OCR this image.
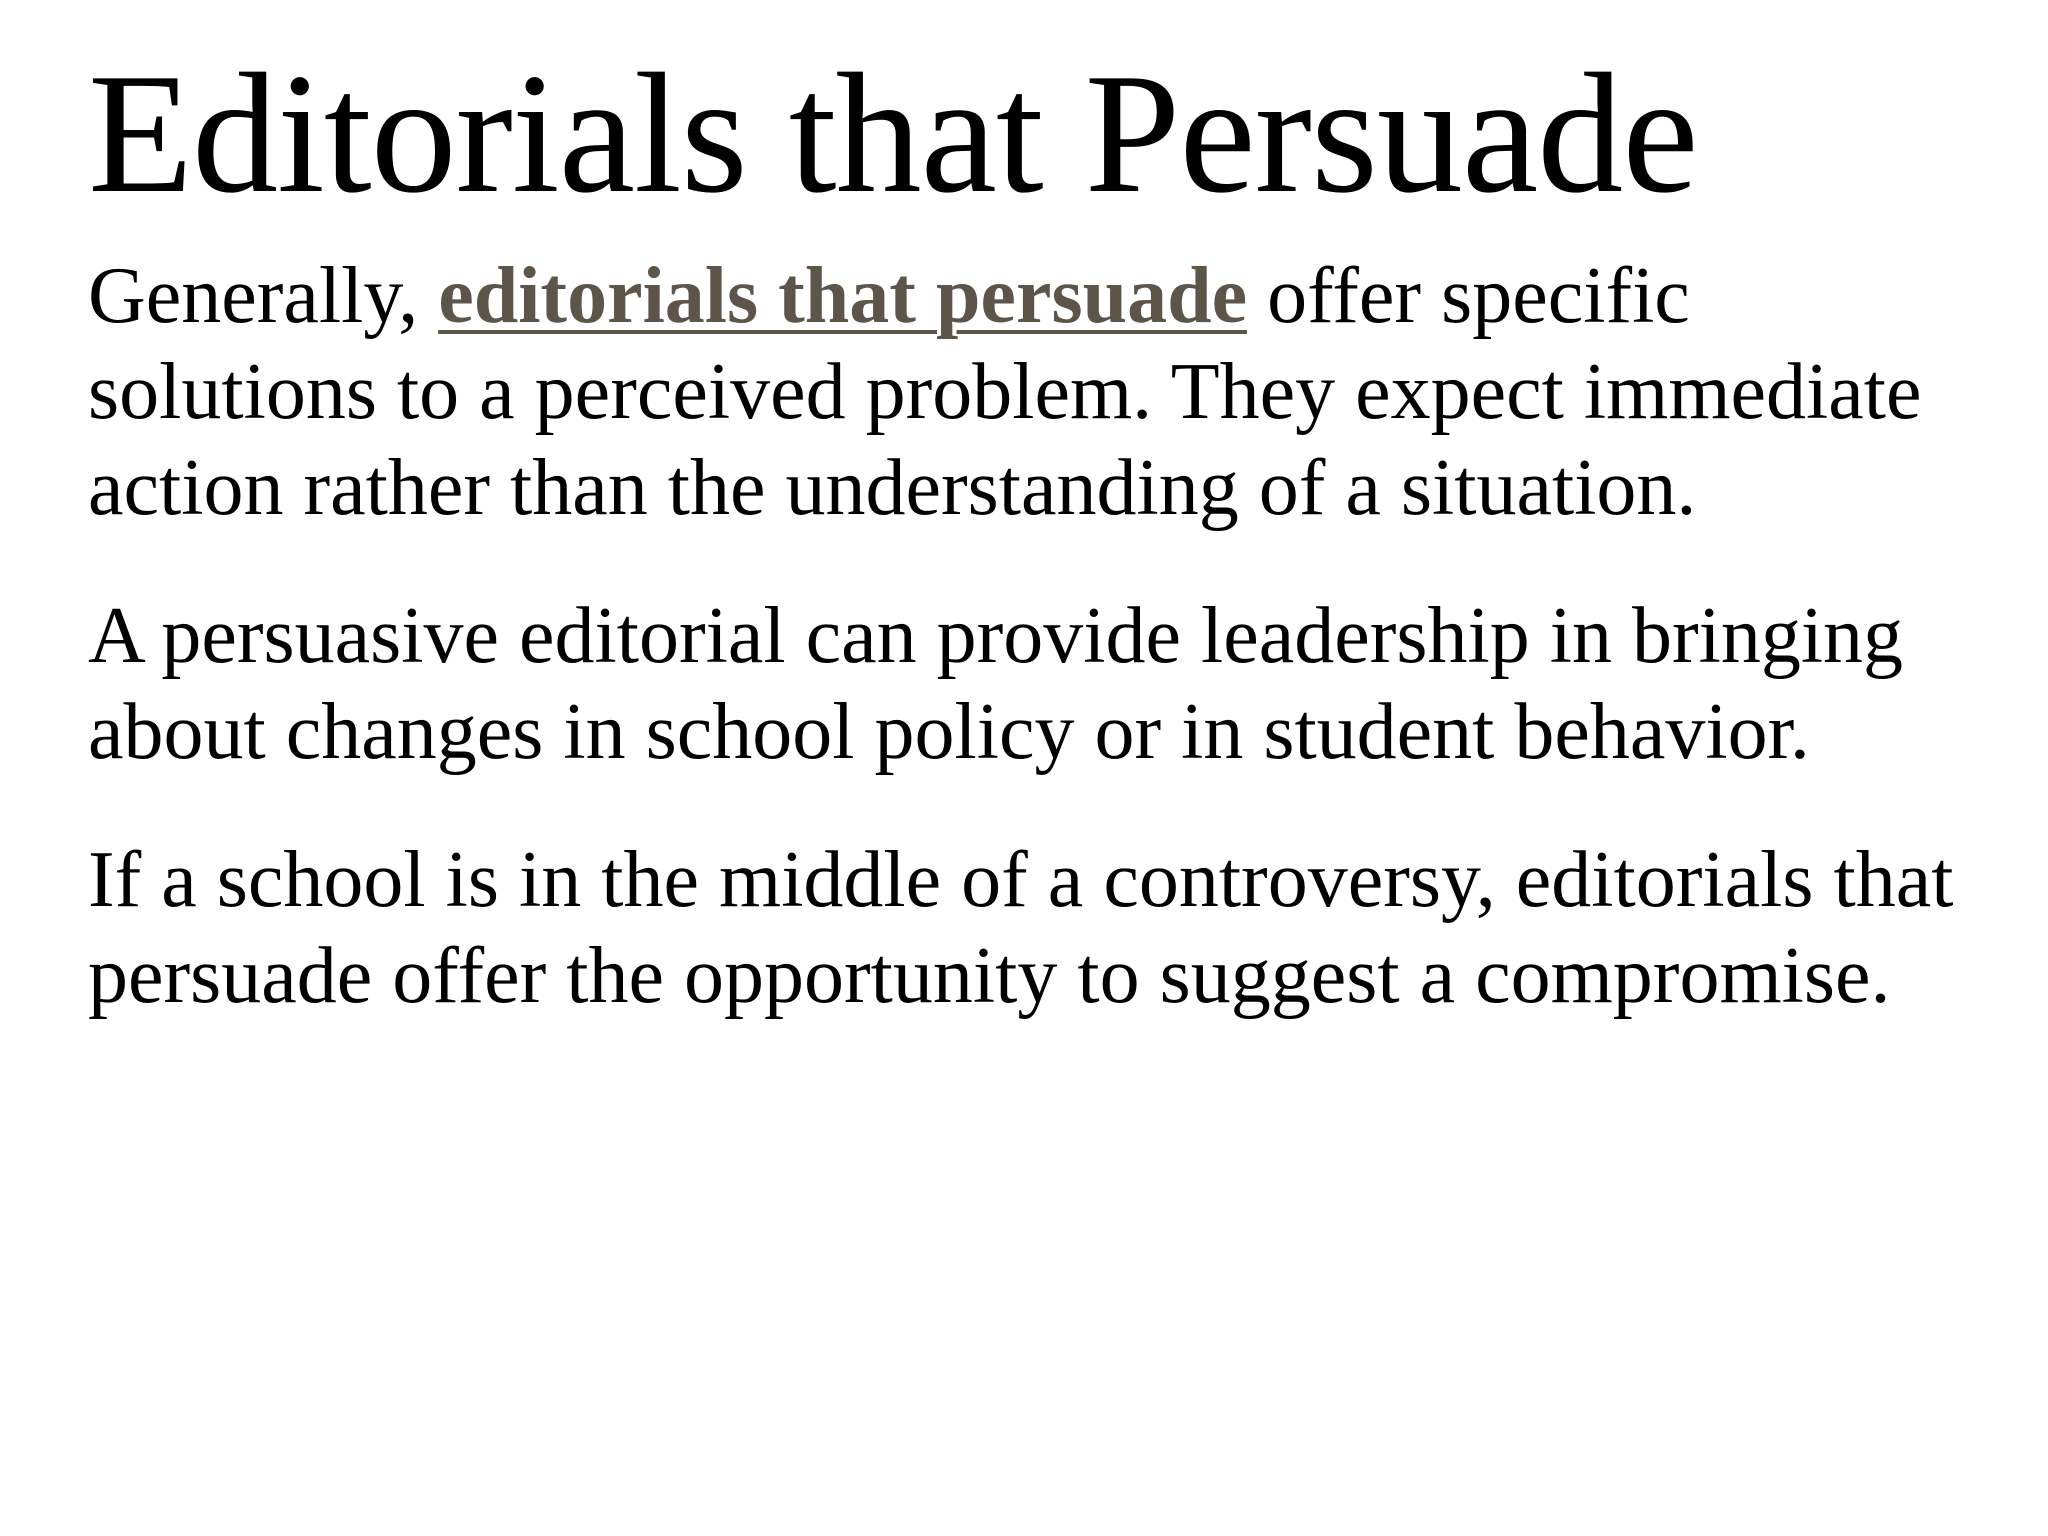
Editorials that Persuade

Generally, editorials that persuade offer specific solutions to a perceived problem. They expect immediate action rather than the understanding of a situation.

A persuasive editorial can provide leadership in bringing about changes in school policy or in student behavior.

If a school is in the middle of a controversy, editorials that persuade offer the opportunity to suggest a compromise.
